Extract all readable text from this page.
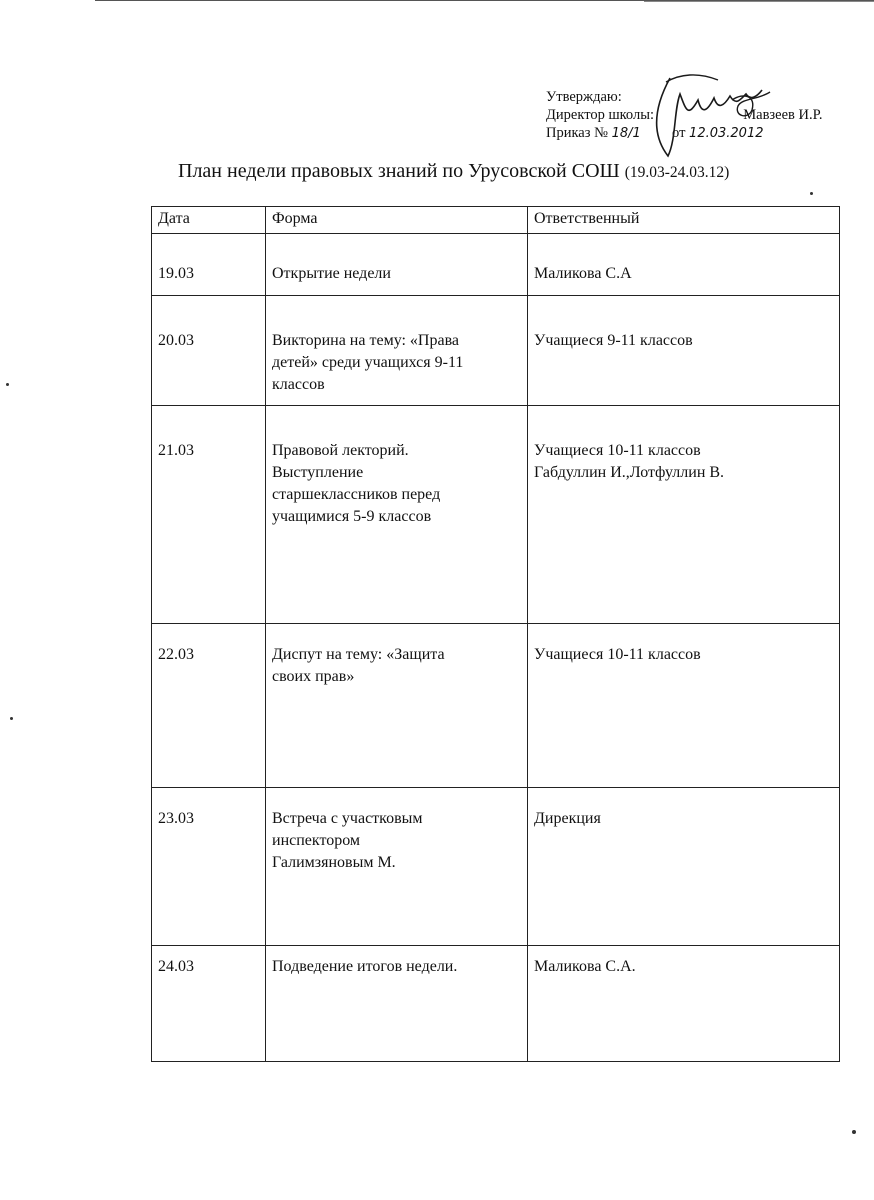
Утверждаю:
Директор школы:	Мавзеев И.Р.
Приказ № 18/1 от 12.03.2012
План недели правовых знаний по Урусовской СОШ (19.03-24.03.12)
Дата	Форма	Ответственный
19.03	Открытие недели	Маликова С.А

20.03	Викторина на тему: «Права
детей» среди учащихся 9-11
классов	Учащиеся 9-11 классов

21.03	Правовой лекторий.
Выступление
старшеклассников перед
учащимися 5-9 классов	Учащиеся 10-11 классов
Габдуллин И.,Лотфуллин В.

22.03	Диспут на тему: «Защита
своих прав»	Учащиеся 10-11 классов

23.03	Встреча с участковым
инспектором
Галимзяновым М.	Дирекция

24.03	Подведение итогов недели.	Маликова С.А.
